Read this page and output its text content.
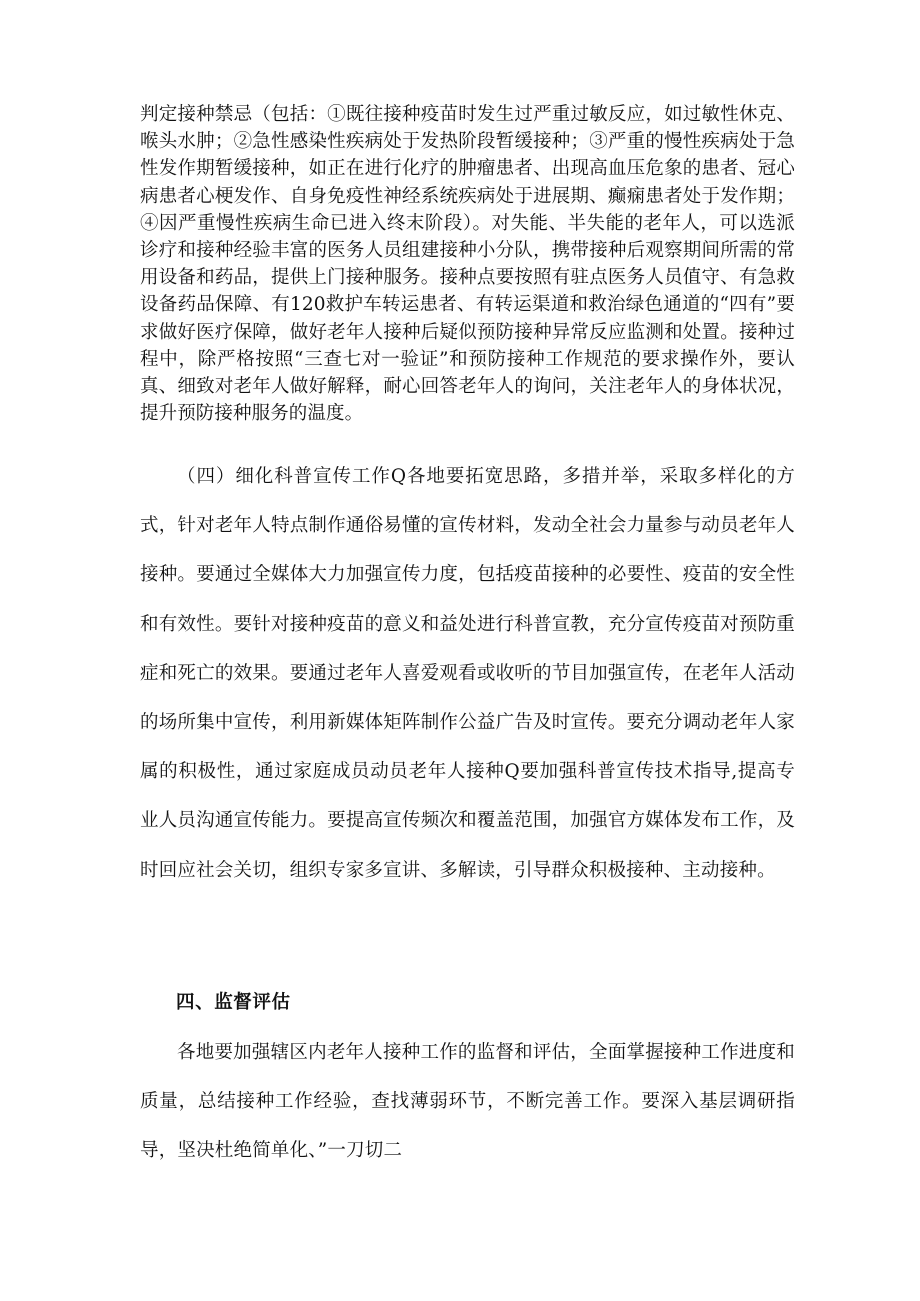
判定接种禁忌（包括：①既往接种疫苗时发生过严重过敏反应，如过敏性休克、喉头水肿；②急性感染性疾病处于发热阶段暂缓接种；③严重的慢性疾病处于急性发作期暂缓接种，如正在进行化疗的肿瘤患者、出现高血压危象的患者、冠心病患者心梗发作、自身免疫性神经系统疾病处于进展期、癫痫患者处于发作期；④因严重慢性疾病生命已进入终末阶段）。对失能、半失能的老年人，可以选派诊疗和接种经验丰富的医务人员组建接种小分队，携带接种后观察期间所需的常用设备和药品，提供上门接种服务。接种点要按照有驻点医务人员值守、有急救设备药品保障、有120救护车转运患者、有转运渠道和救治绿色通道的“四有”要求做好医疗保障，做好老年人接种后疑似预防接种异常反应监测和处置。接种过程中，除严格按照“三查七对一验证”和预防接种工作规范的要求操作外，要认真、细致对老年人做好解释，耐心回答老年人的询问，关注老年人的身体状况，提升预防接种服务的温度。

（四）细化科普宣传工作Q各地要拓宽思路，多措并举，采取多样化的方式，针对老年人特点制作通俗易懂的宣传材料，发动全社会力量参与动员老年人接种。要通过全媒体大力加强宣传力度，包括疫苗接种的必要性、疫苗的安全性和有效性。要针对接种疫苗的意义和益处进行科普宣教，充分宣传疫苗对预防重症和死亡的效果。要通过老年人喜爱观看或收听的节目加强宣传，在老年人活动的场所集中宣传，利用新媒体矩阵制作公益广告及时宣传。要充分调动老年人家属的积极性，通过家庭成员动员老年人接种Q要加强科普宣传技术指导,提高专业人员沟通宣传能力。要提高宣传频次和覆盖范围，加强官方媒体发布工作，及时回应社会关切，组织专家多宣讲、多解读，引导群众积极接种、主动接种。

四、监督评估

各地要加强辖区内老年人接种工作的监督和评估，全面掌握接种工作进度和质量，总结接种工作经验，查找薄弱环节，不断完善工作。要深入基层调研指导，坚决杜绝简单化、”一刀切二
